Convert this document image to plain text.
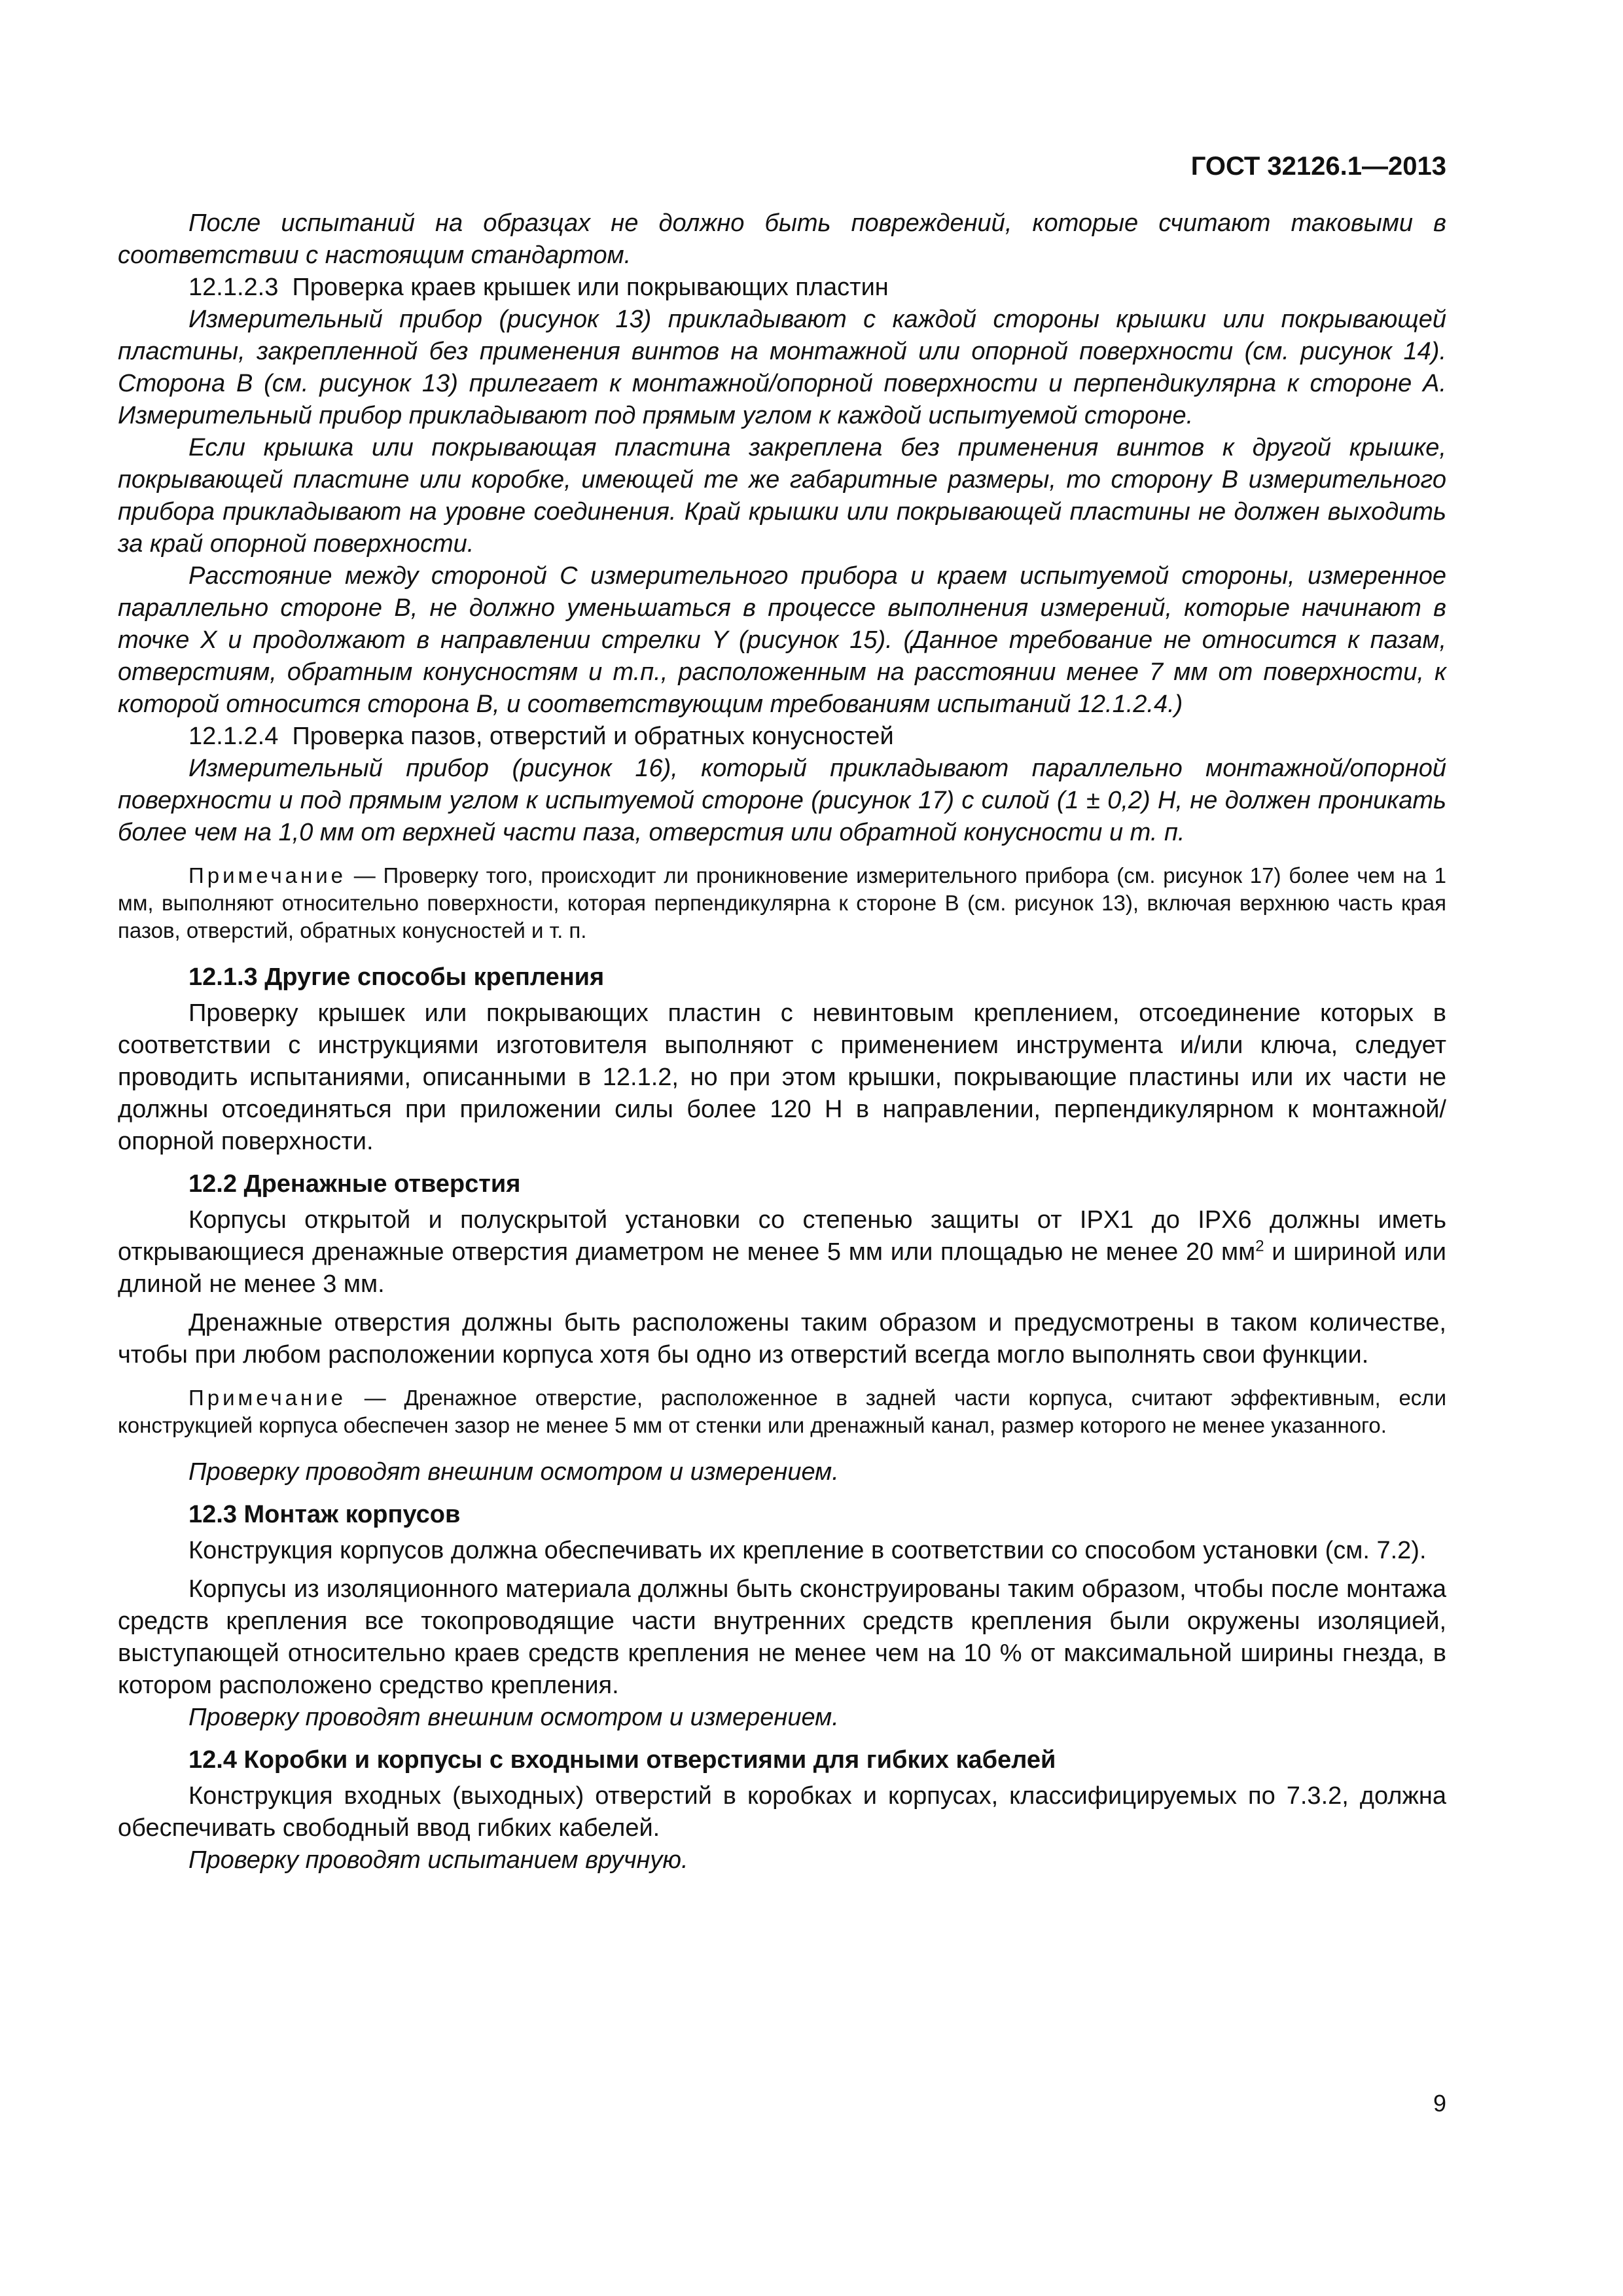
ГОСТ 32126.1—2013

После испытаний на образцах не должно быть повреждений, которые считают таковыми в соответствии с настоящим стандартом.

12.1.2.3 Проверка краев крышек или покрывающих пластин

Измерительный прибор (рисунок 13) прикладывают с каждой стороны крышки или покрывающей пластины, закрепленной без применения винтов на монтажной или опорной поверхности (см. рисунок 14). Сторона В (см. рисунок 13) прилегает к монтажной/опорной поверхности и перпендикулярна к стороне А. Измерительный прибор прикладывают под прямым углом к каждой испытуемой стороне.

Если крышка или покрывающая пластина закреплена без применения винтов к другой крышке, покрывающей пластине или коробке, имеющей те же габаритные размеры, то сторону В измерительного прибора прикладывают на уровне соединения. Край крышки или покрывающей пластины не должен выходить за край опорной поверхности.

Расстояние между стороной С измерительного прибора и краем испытуемой стороны, измеренное параллельно стороне В, не должно уменьшаться в процессе выполнения измерений, которые начинают в точке Х и продолжают в направлении стрелки Y (рисунок 15). (Данное требование не относится к пазам, отверстиям, обратным конусностям и т.п., расположенным на расстоянии менее 7 мм от поверхности, к которой относится сторона В, и соответствующим требованиям испытаний 12.1.2.4.)

12.1.2.4 Проверка пазов, отверстий и обратных конусностей

Измерительный прибор (рисунок 16), который прикладывают параллельно монтажной/опорной поверхности и под прямым углом к испытуемой стороне (рисунок 17) с силой (1 ± 0,2) Н, не должен проникать более чем на 1,0 мм от верхней части паза, отверстия или обратной конусности и т. п.

Примечание — Проверку того, происходит ли проникновение измерительного прибора (см. рисунок 17) более чем на 1 мм, выполняют относительно поверхности, которая перпендикулярна к стороне В (см. рисунок 13), включая верхнюю часть края пазов, отверстий, обратных конусностей и т. п.

12.1.3 Другие способы крепления

Проверку крышек или покрывающих пластин с невинтовым креплением, отсоединение которых в соответствии с инструкциями изготовителя выполняют с применением инструмента и/или ключа, следует проводить испытаниями, описанными в 12.1.2, но при этом крышки, покрывающие пластины или их части не должны отсоединяться при приложении силы более 120 Н в направлении, перпендикулярном к монтажной/опорной поверхности.

12.2 Дренажные отверстия

Корпусы открытой и полускрытой установки со степенью защиты от IPX1 до IPX6 должны иметь открывающиеся дренажные отверстия диаметром не менее 5 мм или площадью не менее 20 $мм^2$ и шириной или длиной не менее 3 мм.

Дренажные отверстия должны быть расположены таким образом и предусмотрены в таком количестве, чтобы при любом расположении корпуса хотя бы одно из отверстий всегда могло выполнять свои функции.

Примечание — Дренажное отверстие, расположенное в задней части корпуса, считают эффективным, если конструкцией корпуса обеспечен зазор не менее 5 мм от стенки или дренажный канал, размер которого не менее указанного.

Проверку проводят внешним осмотром и измерением.

12.3 Монтаж корпусов

Конструкция корпусов должна обеспечивать их крепление в соответствии со способом установки (см. 7.2).

Корпусы из изоляционного материала должны быть сконструированы таким образом, чтобы после монтажа средств крепления все токопроводящие части внутренних средств крепления были окружены изоляцией, выступающей относительно краев средств крепления не менее чем на 10 % от максимальной ширины гнезда, в котором расположено средство крепления.

Проверку проводят внешним осмотром и измерением.

12.4 Коробки и корпусы с входными отверстиями для гибких кабелей

Конструкция входных (выходных) отверстий в коробках и корпусах, классифицируемых по 7.3.2, должна обеспечивать свободный ввод гибких кабелей.

Проверку проводят испытанием вручную.

9
